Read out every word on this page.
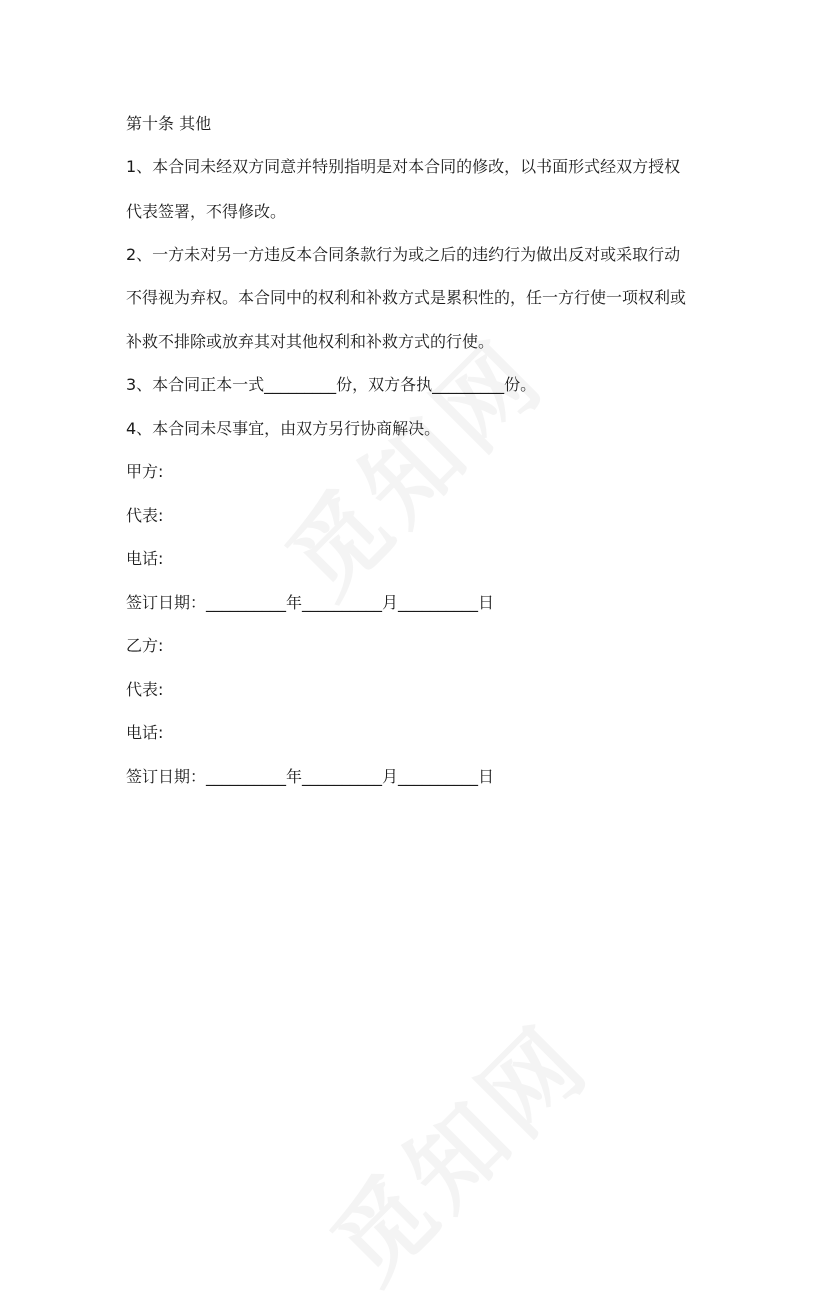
第十条 其他
1、本合同未经双方同意并特别指明是对本合同的修改，以书面形式经双方授权
代表签署，不得修改。
2、一方未对另一方违反本合同条款行为或之后的违约行为做出反对或采取行动
不得视为弃权。本合同中的权利和补救方式是累积性的，任一方行使一项权利或
补救不排除或放弃其对其他权利和补救方式的行使。
3、本合同正本一式_________份，双方各执_________份。
4、本合同未尽事宜，由双方另行协商解决。
甲方:
代表:
电话:
签订日期：__________年__________月__________日
乙方:
代表:
电话:
签订日期：__________年__________月__________日
